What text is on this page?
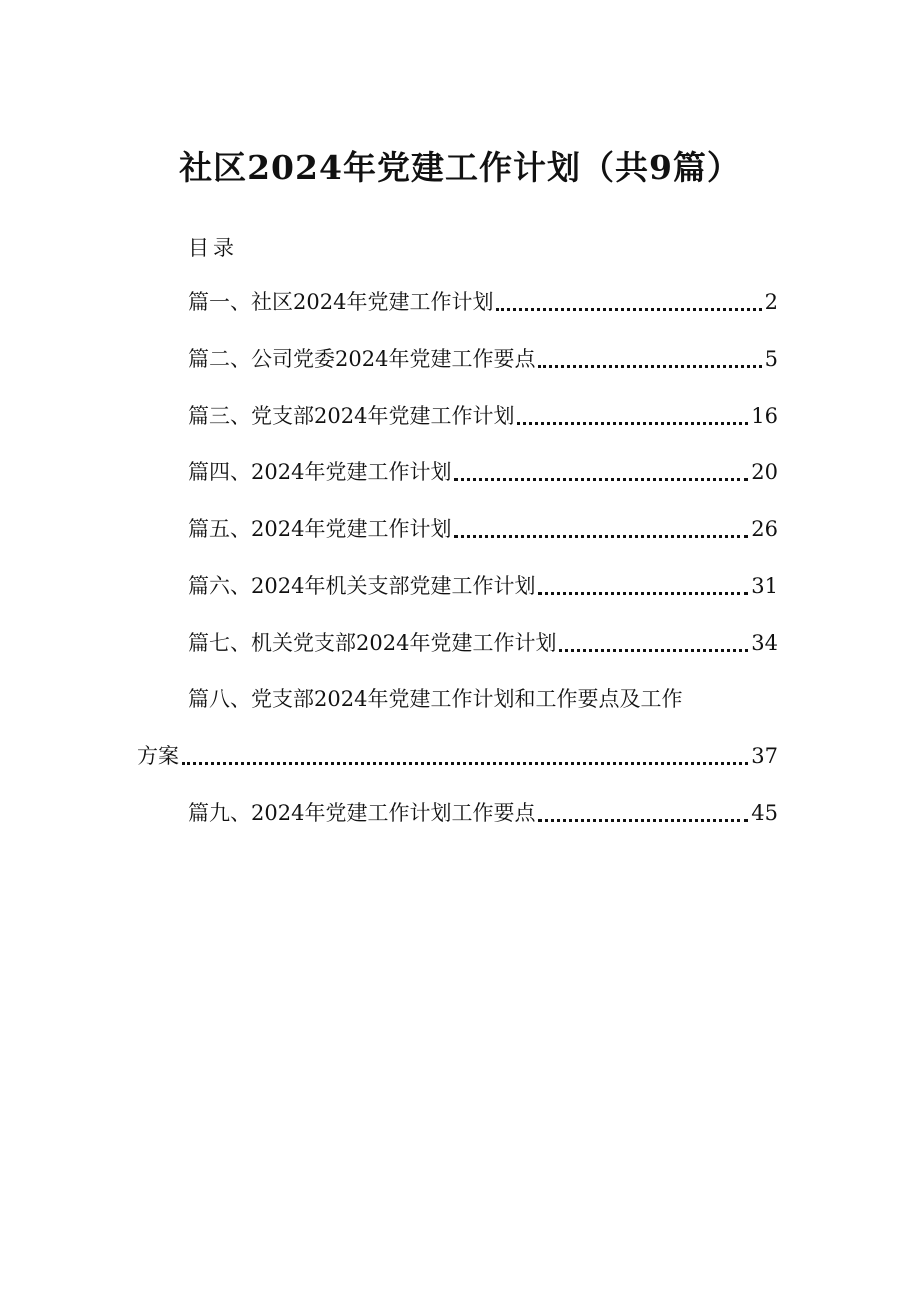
社区2024年党建工作计划（共9篇）
目录
篇一、社区2024年党建工作计划	2
篇二、公司党委2024年党建工作要点	5
篇三、党支部2024年党建工作计划	16
篇四、2024年党建工作计划	20
篇五、2024年党建工作计划	26
篇六、2024年机关支部党建工作计划	31
篇七、机关党支部2024年党建工作计划	34
篇八、党支部2024年党建工作计划和工作要点及工作
方案	37
篇九、2024年党建工作计划工作要点	45
